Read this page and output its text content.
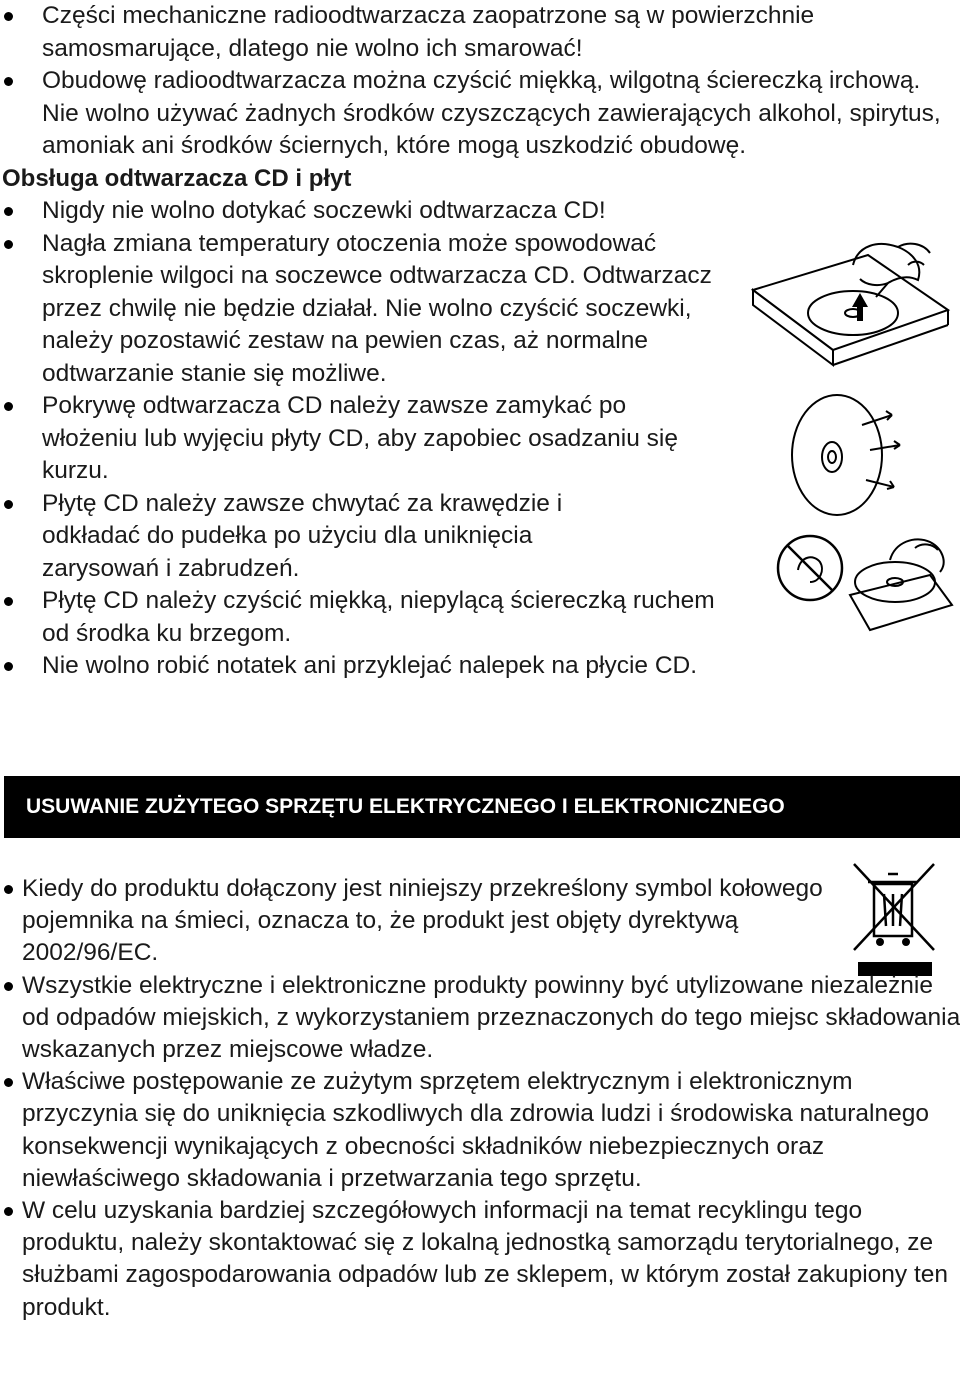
Części mechaniczne radioodtwarzacza zaopatrzone są w powierzchnie samosmarujące, dlatego nie wolno ich smarować!
Obudowę radioodtwarzacza można czyścić miękką, wilgotną ściereczką irchową. Nie wolno używać żadnych środków czyszczących zawierających alkohol, spirytus, amoniak ani środków ściernych, które mogą uszkodzić obudowę.
Obsługa odtwarzacza CD i płyt
Nigdy nie wolno dotykać soczewki odtwarzacza CD!
Nagła zmiana temperatury otoczenia może spowodować skroplenie wilgoci na soczewce odtwarzacza CD. Odtwarzacz przez chwilę nie będzie działał. Nie wolno czyścić soczewki, należy pozostawić zestaw na pewien czas, aż normalne odtwarzanie stanie się możliwe.
Pokrywę odtwarzacza CD należy zawsze zamykać po włożeniu lub wyjęciu płyty CD, aby zapobiec osadzaniu się kurzu.
Płytę CD należy zawsze chwytać za krawędzie i odkładać do pudełka po użyciu dla uniknięcia zarysowań i zabrudzeń.
Płytę CD należy czyścić miękką, niepylącą ściereczką ruchem od środka ku brzegom.
Nie wolno robić notatek ani przyklejać nalepek na płycie CD.
USUWANIE ZUŻYTEGO SPRZĘTU ELEKTRYCZNEGO I ELEKTRONICZNEGO
Kiedy do produktu dołączony jest niniejszy przekreślony symbol kołowego pojemnika na śmieci, oznacza to, że produkt jest objęty dyrektywą 2002/96/EC.
Wszystkie elektryczne i elektroniczne produkty powinny być utylizowane niezależnie od odpadów miejskich, z wykorzystaniem przeznaczonych do tego miejsc składowania wskazanych przez miejscowe władze.
Właściwe postępowanie ze zużytym sprzętem elektrycznym i elektronicznym przyczynia się do uniknięcia szkodliwych dla zdrowia ludzi i środowiska naturalnego konsekwencji wynikających z obecności składników niebezpiecznych oraz niewłaściwego składowania i przetwarzania tego sprzętu.
W celu uzyskania bardziej szczegółowych informacji na temat recyklingu tego produktu, należy skontaktować się z lokalną jednostką samorządu terytorialnego, ze służbami zagospodarowania odpadów lub ze sklepem, w którym został zakupiony ten produkt.
